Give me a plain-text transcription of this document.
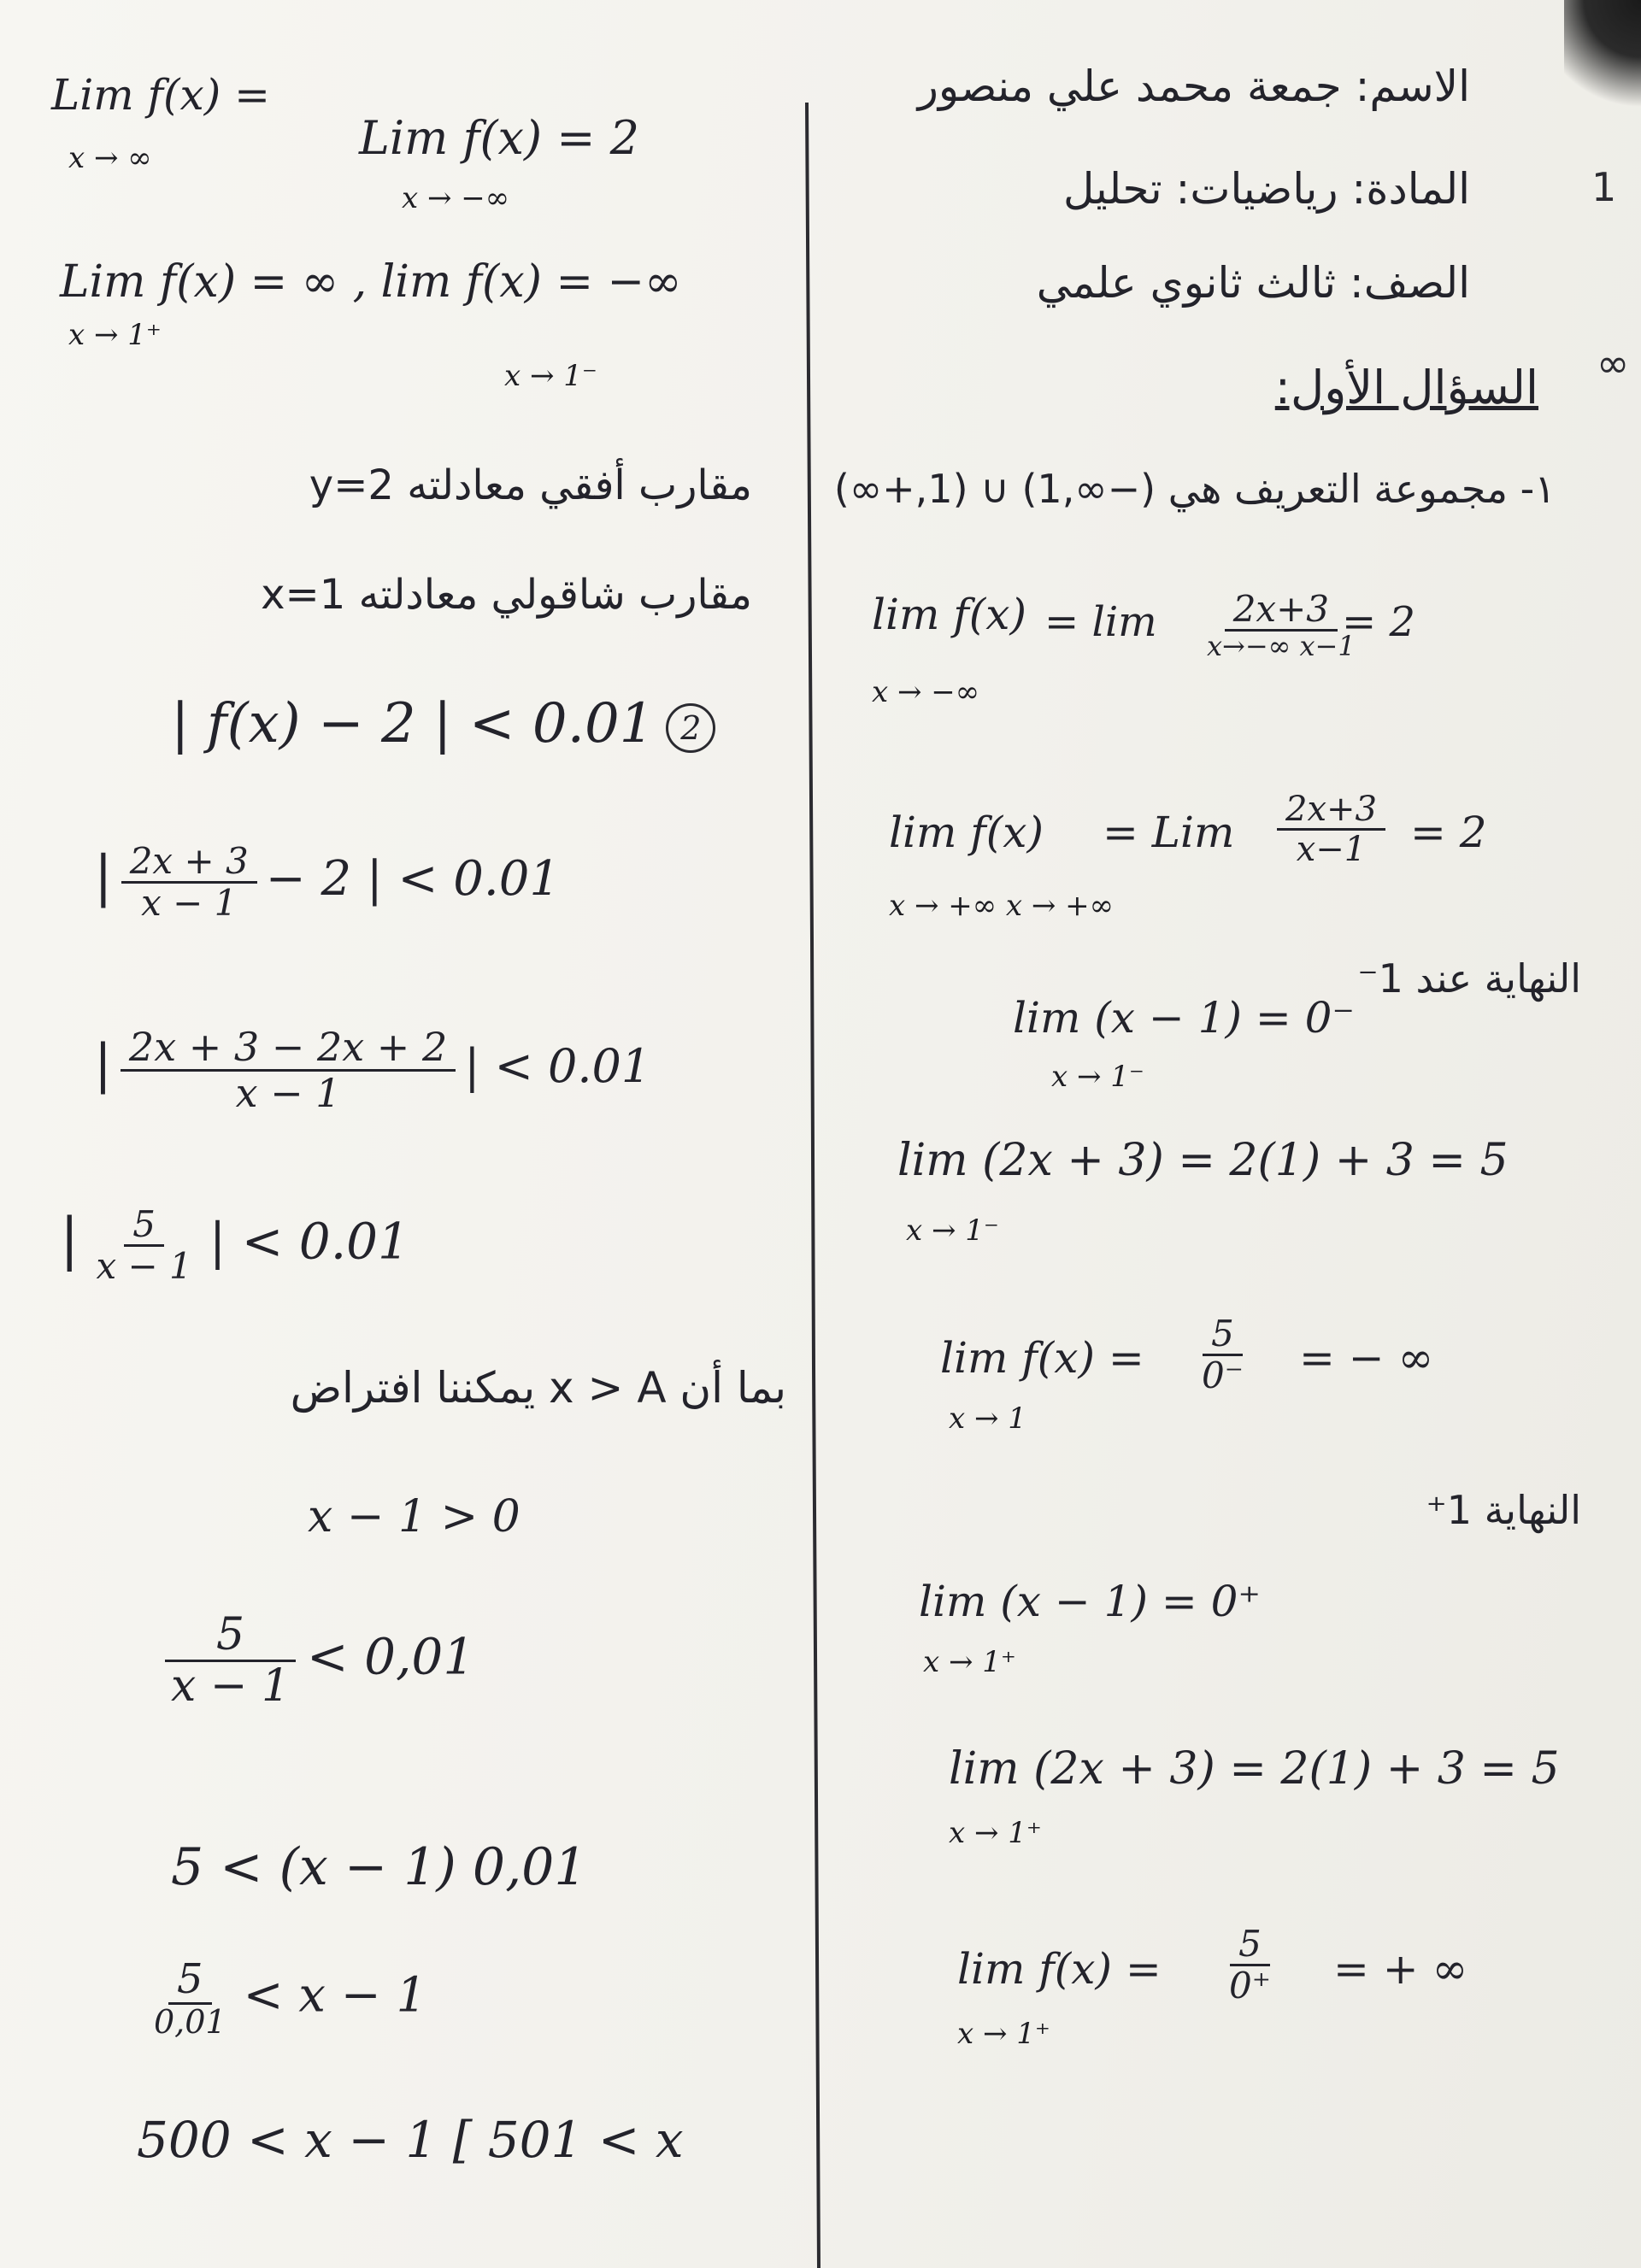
1
∞
الاسم: جمعة محمد علي منصور
المادة: رياضيات: تحليل
الصف: ثالث ثانوي علمي
السؤال الأول:
١- مجموعة التعريف هي (−∞,1) ∪ (1,+∞)
lim f(x)
x → −∞
= $\lim \frac{2x+3}{x\to-\infty x-1}$
= 2
lim f(x) = Lim $\frac{2x+3}{x-1} = 2$
x → +∞ x → +∞
النهاية عند 1⁻
lim (x − 1) = 0⁻
x → 1⁻
lim (2x + 3) = 2(1) + 3 = 5
x → 1⁻
$\lim f(x) = \frac{5}{0^-}$ = − ∞
x → 1
النهاية 1⁺
lim (x − 1) = 0⁺
x → 1⁺
lim (2x + 3) = 2(1) + 3 = 5
x → 1⁺
$\lim f(x) = \frac{5}{0^+}$ = + ∞
x → 1⁺
Lim f(x) =
x → ∞	Lim f(x) = 2
x → −∞
Lim f(x) = ∞ , lim f(x) = −∞
x → 1⁺
x → 1⁻
مقارب أفقي معادلته y=2
مقارب شاقولي معادلته x=1
| f(x) − 2 | < 0.01 2
| $\frac{2x + 3}{x - 1} - 2$ | < 0.01
| $\frac{2x + 3 - 2x + 2}{x - 1}$ | < 0.01
| $\frac{5}{x - 1}$ | < 0.01
بما أن x > A يمكننا افتراض
x − 1 > 0
$\frac{5}{x - 1} < 0,01$
5 < (x − 1) 0,01
$\frac{5}{0,01} < x - 1$
500 < x − 1 [ 501 < x
